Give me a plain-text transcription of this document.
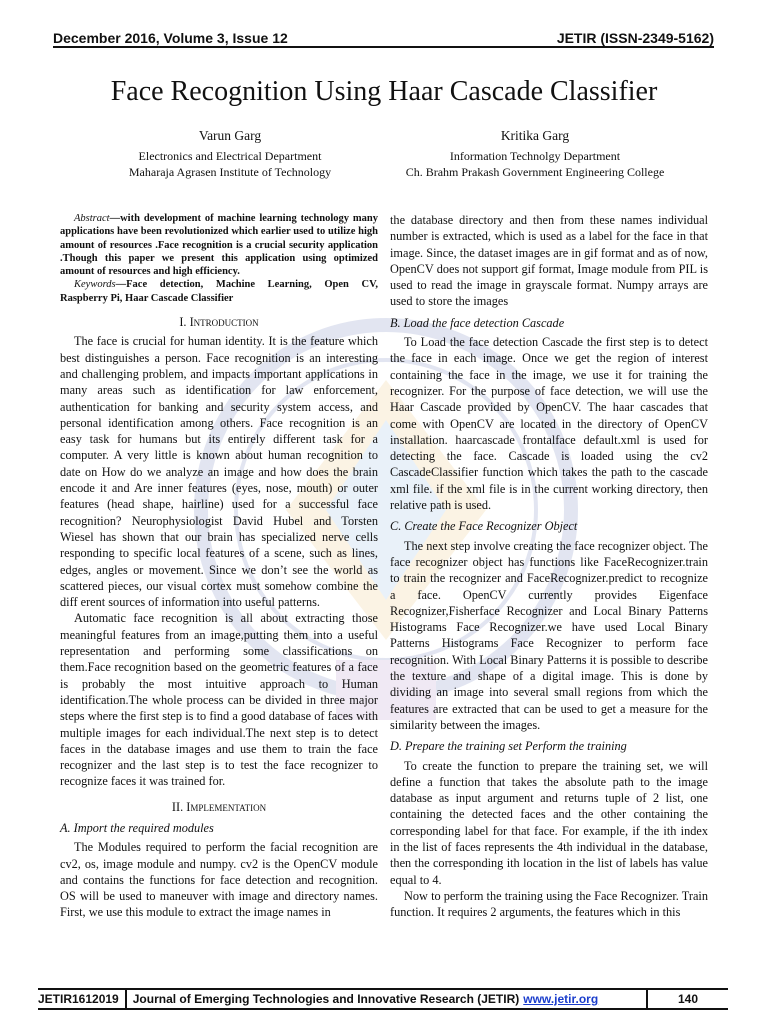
December 2016, Volume 3, Issue 12	JETIR (ISSN-2349-5162)
Face Recognition Using Haar Cascade Classifier
Varun Garg
Electronics and Electrical Department
Maharaja Agrasen Institute of Technology
Kritika Garg
Information Technolgy Department
Ch. Brahm Prakash Government Engineering College

Abstract—with development of machine learning technology many applications have been revolutionized which earlier used to utilize high amount of resources .Face recognition is a crucial security application .Though this paper we present this application using optimized amount of resources and high efficiency.

Keywords—Face detection, Machine Learning, Open CV, Raspberry Pi, Haar Cascade Classifier

I. Introduction

The face is crucial for human identity. It is the feature which best distinguishes a person. Face recognition is an interesting and challenging problem, and impacts important applications in many areas such as identification for law enforcement, authentication for banking and security system access, and personal identification among others. Face recognition is an easy task for humans but its entirely different task for a computer. A very little is known about human recognition to date on How do we analyze an image and how does the brain encode it and Are inner features (eyes, nose, mouth) or outer features (head shape, hairline) used for a successful face recognition? Neurophysiologist David Hubel and Torsten Wiesel has shown that our brain has specialized nerve cells responding to specific local features of a scene, such as lines, edges, angles or movement. Since we don’t see the world as scattered pieces, our visual cortex must somehow combine the diff erent sources of information into useful patterns.

Automatic face recognition is all about extracting those meaningful features from an image,putting them into a useful representation and performing some classifications on them.Face recognition based on the geometric features of a face is probably the most intuitive approach to Human identification.The whole process can be divided in three major steps where the first step is to find a good database of faces with multiple images for each individual.The next step is to detect faces in the database images and use them to train the face recognizer and the last step is to test the face recognizer to recognize faces it was trained for.

II. Implementation
A. Import the required modules

The Modules required to perform the facial recognition are cv2, os, image module and numpy. cv2 is the OpenCV module and contains the functions for face detection and recognition. OS will be used to maneuver with image and directory names. First, we use this module to extract the image names in

the database directory and then from these names individual number is extracted, which is used as a label for the face in that image. Since, the dataset images are in gif format and as of now, OpenCV does not support gif format, Image module from PIL is used to read the image in grayscale format. Numpy arrays are used to store the images

B. Load the face detection Cascade

To Load the face detection Cascade the first step is to detect the face in each image. Once we get the region of interest containing the face in the image, we use it for training the recognizer. For the purpose of face detection, we will use the Haar Cascade provided by OpenCV. The haar cascades that come with OpenCV are located in the directory of OpenCV installation. haarcascade frontalface default.xml is used for detecting the face. Cascade is loaded using the cv2 CascadeClassifier function which takes the path to the cascade xml file. if the xml file is in the current working directory, then relative path is used.

C. Create the Face Recognizer Object

The next step involve creating the face recognizer object. The face recognizer object has functions like FaceRecognizer.train to train the recognizer and FaceRecognizer.predict to recognize a face. OpenCV currently provides Eigenface Recognizer,Fisherface Recognizer and Local Binary Patterns Histograms Face Recognizer.we have used Local Binary Patterns Histograms Face Recognizer to perform face recognition. With Local Binary Patterns it is possible to describe the texture and shape of a digital image. This is done by dividing an image into several small regions from which the features are extracted that can be used to get a measure for the similarity between the images.

D. Prepare the training set Perform the training

To create the function to prepare the training set, we will define a function that takes the absolute path to the image database as input argument and returns tuple of 2 list, one containing the detected faces and the other containing the corresponding label for that face. For example, if the ith index in the list of faces represents the 4th individual in the database, then the corresponding ith location in the list of labels has value equal to 4.

Now to perform the training using the Face Recognizer. Train function. It requires 2 arguments, the features which in this

JETIR1612019	Journal of Emerging Technologies and Innovative Research (JETIR) www.jetir.org	140
